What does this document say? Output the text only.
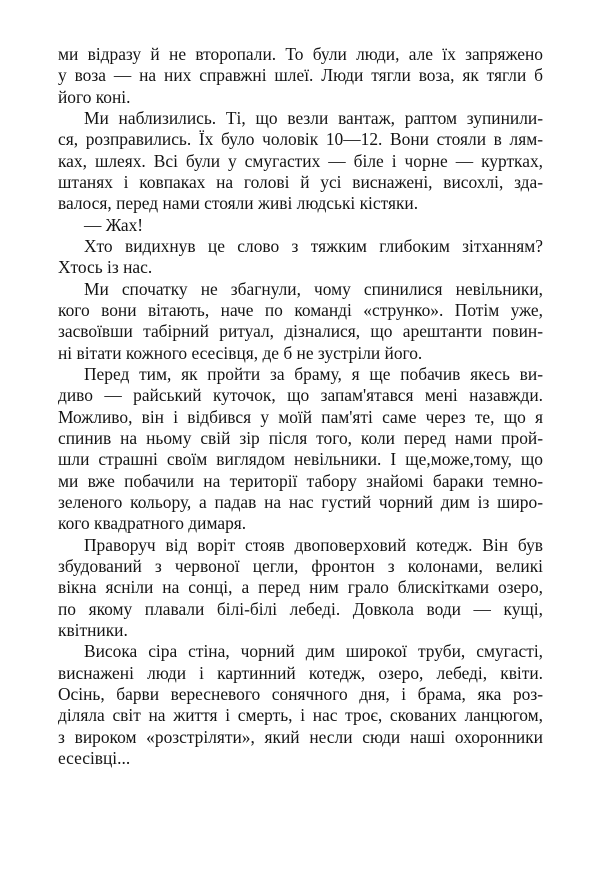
ми відразу й не второпали. То були люди, але їх запряжено
у воза — на них справжні шлеї. Люди тягли воза, як тягли б
його коні.
Ми наблизились. Ті, що везли вантаж, раптом зупинили-
ся, розправились. Їх було чоловік 10—12. Вони стояли в лям-
ках, шлеях. Всі були у смугастих — біле і чорне — куртках,
штанях і ковпаках на голові й усі виснажені, висохлі, зда-
валося, перед нами стояли живі людські кістяки.
— Жах!
Хто видихнув це слово з тяжким глибоким зітханням?
Хтось із нас.
Ми спочатку не збагнули, чому спинилися невільники,
кого вони вітають, наче по команді «струнко». Потім уже,
засвоївши табірний ритуал, дізналися, що арештанти повин-
ні вітати кожного есесівця, де б не зустріли його.
Перед тим, як пройти за браму, я ще побачив якесь ви-
диво — райський куточок, що запам'ятався мені назавжди.
Можливо, він і відбився у моїй пам'яті саме через те, що я
спинив на ньому свій зір після того, коли перед нами прой-
шли страшні своїм виглядом невільники. І ще,може,тому, що
ми вже побачили на території табору знайомі бараки темно-
зеленого кольору, а падав на нас густий чорний дим із широ-
кого квадратного димаря.
Праворуч від воріт стояв двоповерховий котедж. Він був
збудований з червоної цегли, фронтон з колонами, великі
вікна ясніли на сонці, а перед ним грало блискітками озеро,
по якому плавали білі-білі лебеді. Довкола води — кущі,
квітники.
Висока сіра стіна, чорний дим широкої труби, смугасті,
виснажені люди і картинний котедж, озеро, лебеді, квіти.
Осінь, барви вересневого сонячного дня, і брама, яка роз-
діляла світ на життя і смерть, і нас троє, скованих ланцюгом,
з вироком «розстріляти», який несли сюди наші охоронники
есесівці...
